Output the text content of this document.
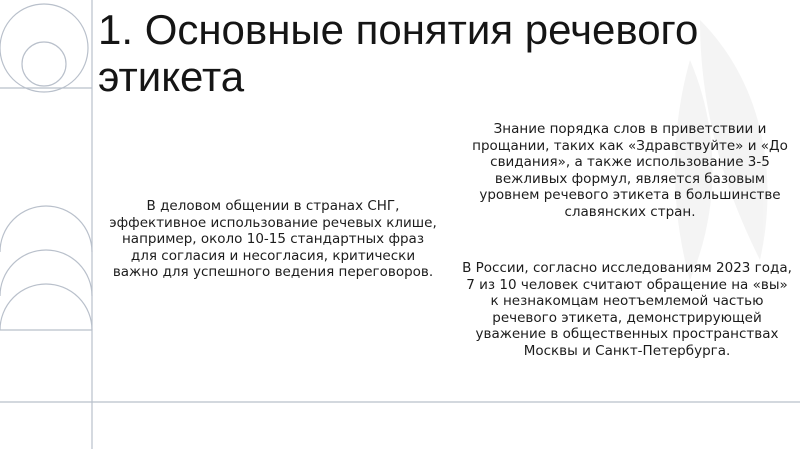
1. Основные понятия речевого этикета
В деловом общении в странах СНГ, эффективное использование речевых клише, например, около 10-15 стандартных фраз для согласия и несогласия, критически важно для успешного ведения переговоров.
Знание порядка слов в приветствии и прощании, таких как «Здравствуйте» и «До свидания», а также использование 3-5 вежливых формул, является базовым уровнем речевого этикета в большинстве славянских стран.
В России, согласно исследованиям 2023 года, 7 из 10 человек считают обращение на «вы» к незнакомцам неотъемлемой частью речевого этикета, демонстрирующей уважение в общественных пространствах Москвы и Санкт-Петербурга.
